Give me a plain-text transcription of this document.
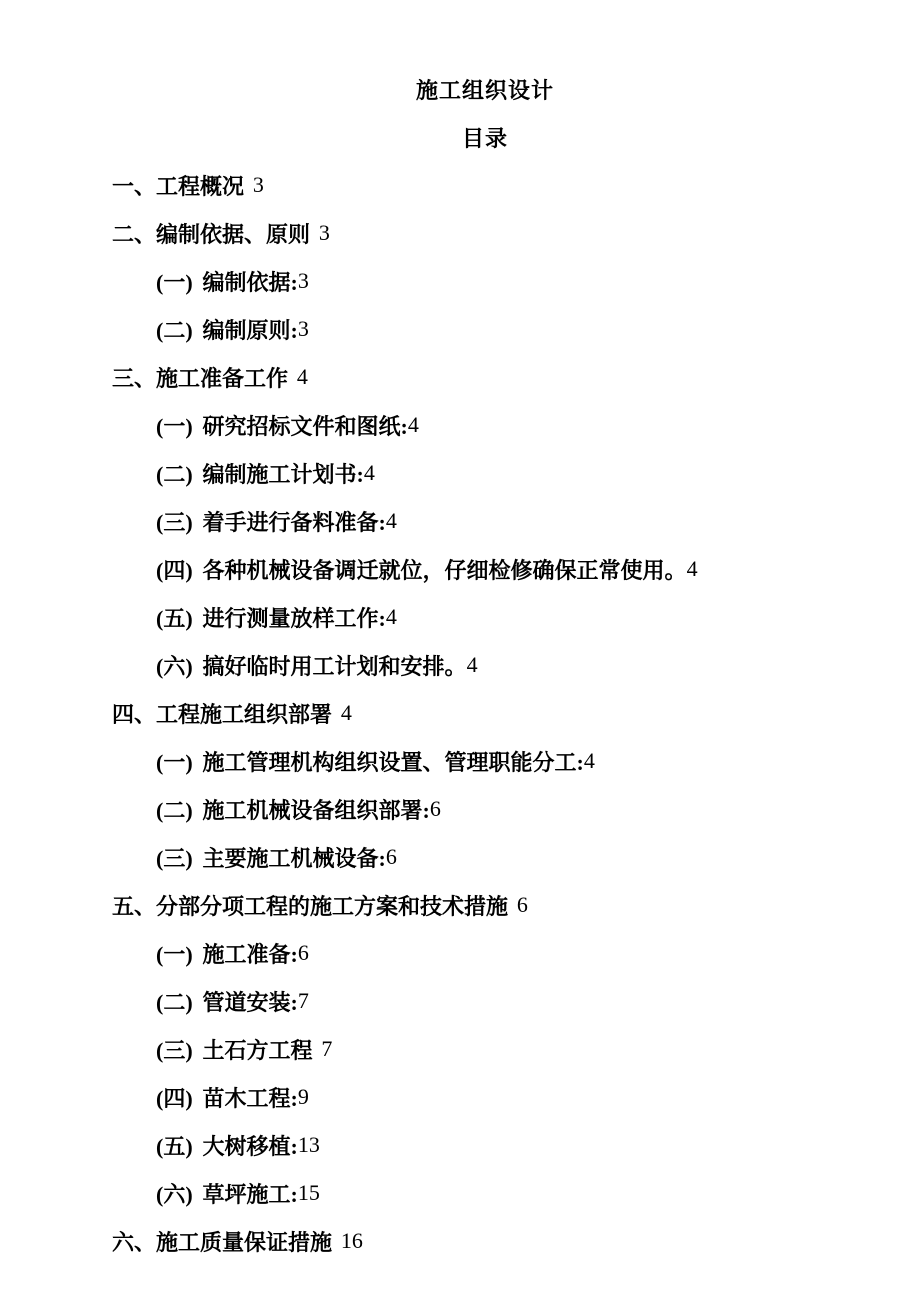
施工组织设计
目录
一、 工程概况 3
二、 编制依据、原则 3
(一) 编制依据: 3
(二) 编制原则: 3
三、 施工准备工作 4
(一) 研究招标文件和图纸: 4
(二) 编制施工计划书: 4
(三) 着手进行备料准备: 4
(四) 各种机械设备调迁就位，仔细检修确保正常使用。 4
(五) 进行测量放样工作: 4
(六) 搞好临时用工计划和安排。 4
四、 工程施工组织部署 4
(一) 施工管理机构组织设置、管理职能分工: 4
(二) 施工机械设备组织部署: 6
(三) 主要施工机械设备: 6
五、 分部分项工程的施工方案和技术措施 6
(一) 施工准备: 6
(二) 管道安装: 7
(三) 土石方工程 7
(四) 苗木工程: 9
(五) 大树移植: 13
(六) 草坪施工: 15
六、 施工质量保证措施 16
